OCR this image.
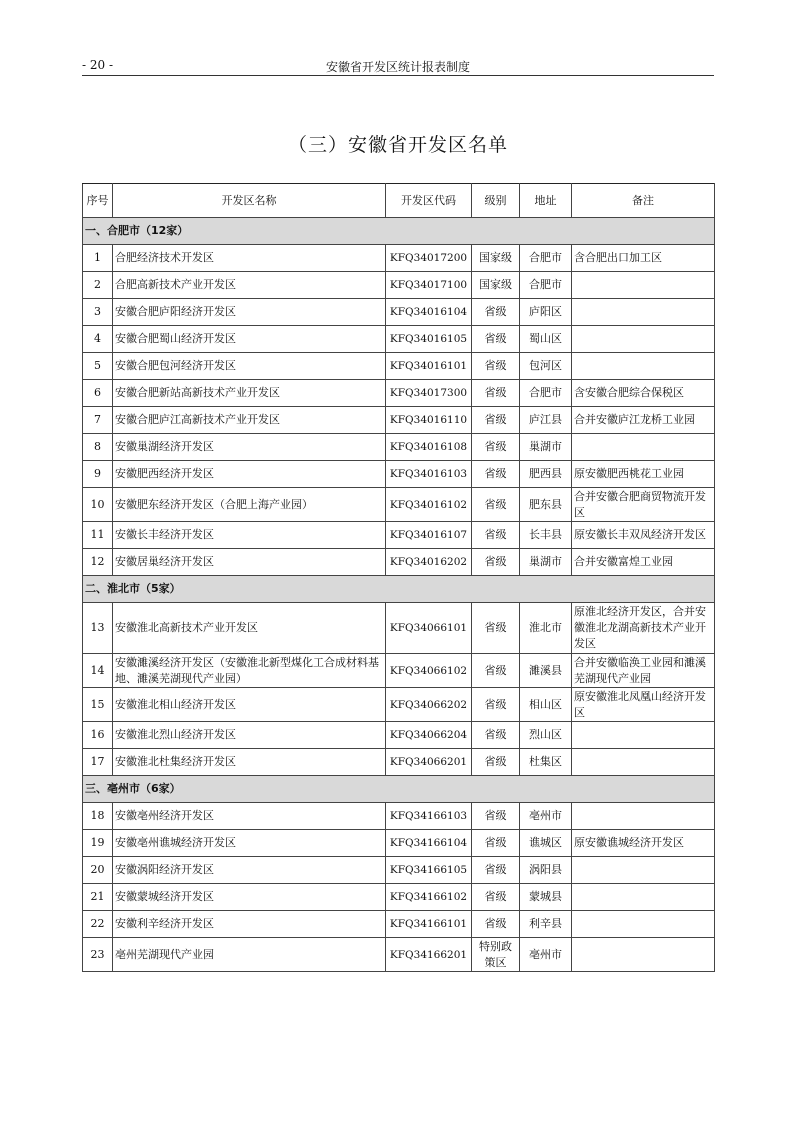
- 20 -	安徽省开发区统计报表制度
（三）安徽省开发区名单
序号	开发区名称	开发区代码	级别	地址	备注
一、合肥市（12家）					
1	合肥经济技术开发区	KFQ34017200	国家级	合肥市	含合肥出口加工区
2	合肥高新技术产业开发区	KFQ34017100	国家级	合肥市	
3	安徽合肥庐阳经济开发区	KFQ34016104	省级	庐阳区	
4	安徽合肥蜀山经济开发区	KFQ34016105	省级	蜀山区	
5	安徽合肥包河经济开发区	KFQ34016101	省级	包河区	
6	安徽合肥新站高新技术产业开发区	KFQ34017300	省级	合肥市	含安徽合肥综合保税区
7	安徽合肥庐江高新技术产业开发区	KFQ34016110	省级	庐江县	合并安徽庐江龙桥工业园
8	安徽巢湖经济开发区	KFQ34016108	省级	巢湖市	
9	安徽肥西经济开发区	KFQ34016103	省级	肥西县	原安徽肥西桃花工业园
10	安徽肥东经济开发区（合肥上海产业园）	KFQ34016102	省级	肥东县	合并安徽合肥商贸物流开发区
11	安徽长丰经济开发区	KFQ34016107	省级	长丰县	原安徽长丰双凤经济开发区
12	安徽居巢经济开发区	KFQ34016202	省级	巢湖市	合并安徽富煌工业园
二、淮北市（5家）					
13	安徽淮北高新技术产业开发区	KFQ34066101	省级	淮北市	原淮北经济开发区，合并安徽淮北龙湖高新技术产业开发区
14	安徽濉溪经济开发区（安徽淮北新型煤化工合成材料基地、濉溪芜湖现代产业园）	KFQ34066102	省级	濉溪县	合并安徽临涣工业园和濉溪芜湖现代产业园
15	安徽淮北相山经济开发区	KFQ34066202	省级	相山区	原安徽淮北凤凰山经济开发区
16	安徽淮北烈山经济开发区	KFQ34066204	省级	烈山区	
17	安徽淮北杜集经济开发区	KFQ34066201	省级	杜集区	
三、亳州市（6家）					
18	安徽亳州经济开发区	KFQ34166103	省级	亳州市	
19	安徽亳州谯城经济开发区	KFQ34166104	省级	谯城区	原安徽谯城经济开发区
20	安徽涡阳经济开发区	KFQ34166105	省级	涡阳县	
21	安徽蒙城经济开发区	KFQ34166102	省级	蒙城县	
22	安徽利辛经济开发区	KFQ34166101	省级	利辛县	
23	亳州芜湖现代产业园	KFQ34166201	特别政策区	亳州市	
